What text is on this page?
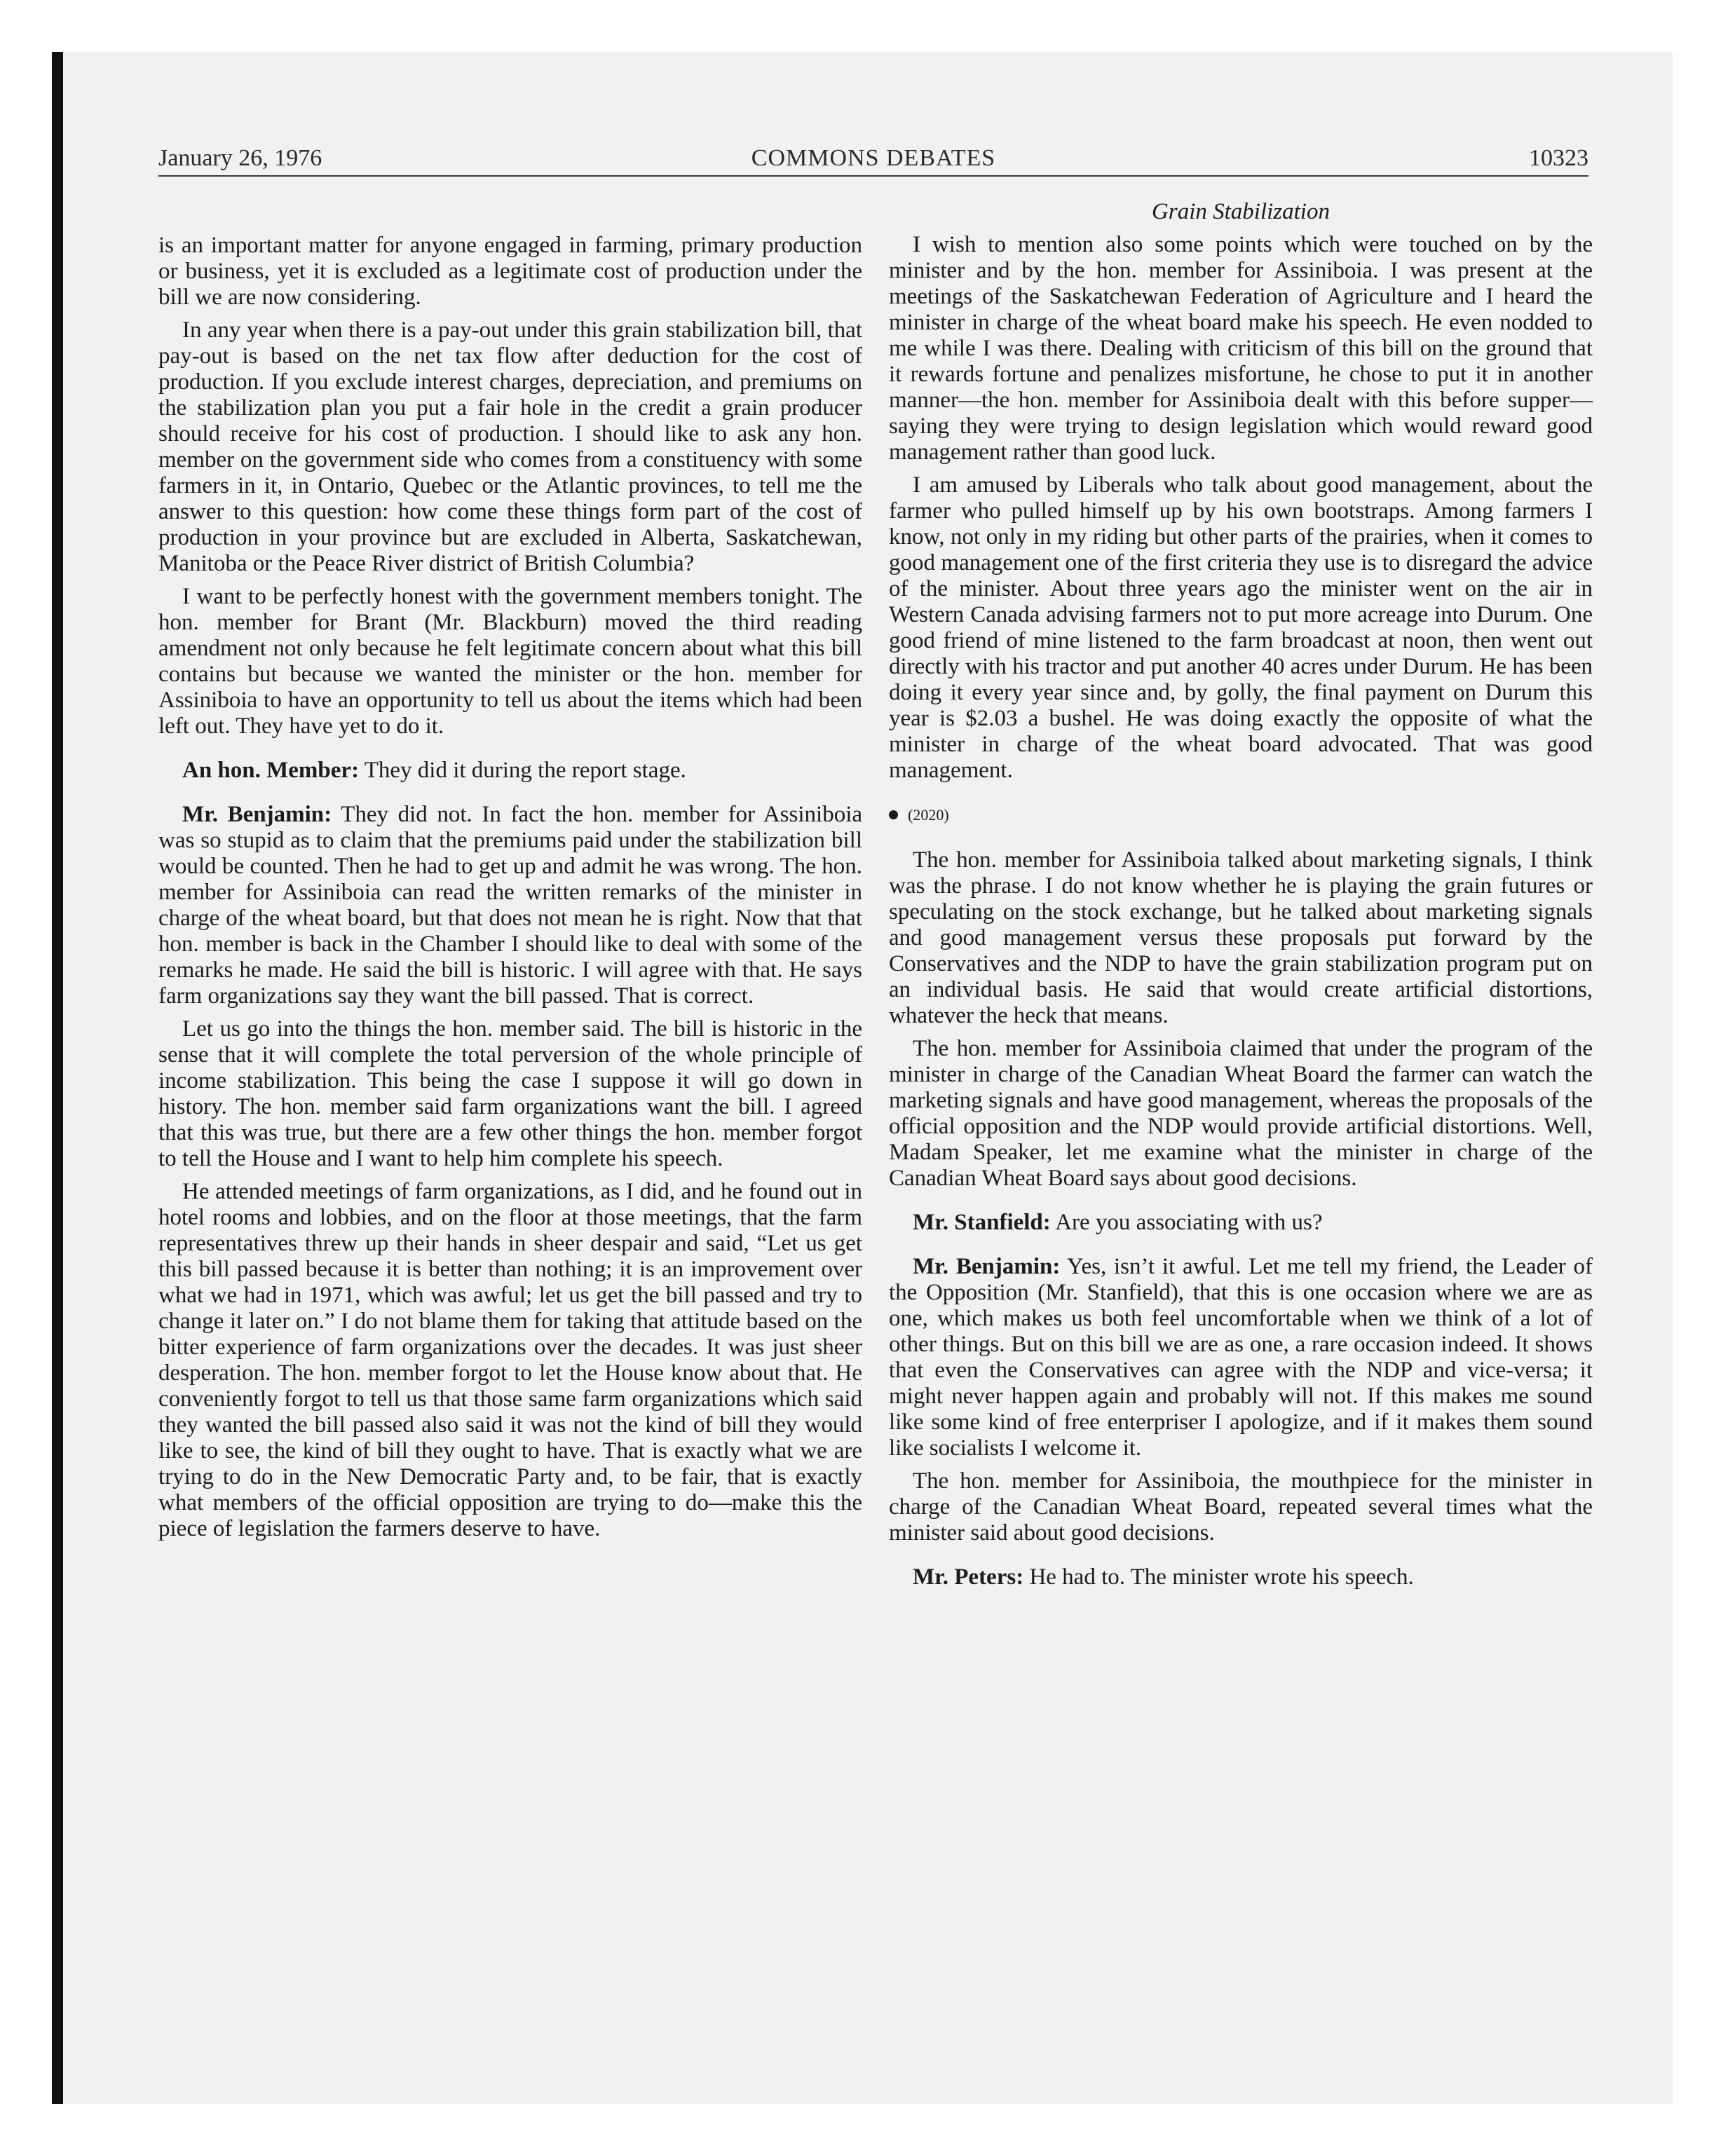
COMMONS DEBATES
January 26, 1976	10323

is an important matter for anyone engaged in farming, primary production or business, yet it is excluded as a legitimate cost of production under the bill we are now considering.

In any year when there is a pay-out under this grain stabilization bill, that pay-out is based on the net tax flow after deduction for the cost of production. If you exclude interest charges, depreciation, and premiums on the stabilization plan you put a fair hole in the credit a grain producer should receive for his cost of production. I should like to ask any hon. member on the government side who comes from a constituency with some farmers in it, in Ontario, Quebec or the Atlantic provinces, to tell me the answer to this question: how come these things form part of the cost of production in your province but are excluded in Alberta, Saskatchewan, Manitoba or the Peace River district of British Columbia?

I want to be perfectly honest with the government members tonight. The hon. member for Brant (Mr. Blackburn) moved the third reading amendment not only because he felt legitimate concern about what this bill contains but because we wanted the minister or the hon. member for Assiniboia to have an opportunity to tell us about the items which had been left out. They have yet to do it.

An hon. Member: They did it during the report stage.

Mr. Benjamin: They did not. In fact the hon. member for Assiniboia was so stupid as to claim that the premiums paid under the stabilization bill would be counted. Then he had to get up and admit he was wrong. The hon. member for Assiniboia can read the written remarks of the minister in charge of the wheat board, but that does not mean he is right. Now that that hon. member is back in the Chamber I should like to deal with some of the remarks he made. He said the bill is historic. I will agree with that. He says farm organizations say they want the bill passed. That is correct.

Let us go into the things the hon. member said. The bill is historic in the sense that it will complete the total perversion of the whole principle of income stabilization. This being the case I suppose it will go down in history. The hon. member said farm organizations want the bill. I agreed that this was true, but there are a few other things the hon. member forgot to tell the House and I want to help him complete his speech.

He attended meetings of farm organizations, as I did, and he found out in hotel rooms and lobbies, and on the floor at those meetings, that the farm representatives threw up their hands in sheer despair and said, “Let us get this bill passed because it is better than nothing; it is an improvement over what we had in 1971, which was awful; let us get the bill passed and try to change it later on.” I do not blame them for taking that attitude based on the bitter experience of farm organizations over the decades. It was just sheer desperation. The hon. member forgot to let the House know about that. He conveniently forgot to tell us that those same farm organizations which said they wanted the bill passed also said it was not the kind of bill they would like to see, the kind of bill they ought to have. That is exactly what we are trying to do in the New Democratic Party and, to be fair, that is exactly what members of the official opposition are trying to do—make this the piece of legislation the farmers deserve to have.

Grain Stabilization

I wish to mention also some points which were touched on by the minister and by the hon. member for Assiniboia. I was present at the meetings of the Saskatchewan Federation of Agriculture and I heard the minister in charge of the wheat board make his speech. He even nodded to me while I was there. Dealing with criticism of this bill on the ground that it rewards fortune and penalizes misfortune, he chose to put it in another manner—the hon. member for Assiniboia dealt with this before supper—saying they were trying to design legislation which would reward good management rather than good luck.

I am amused by Liberals who talk about good management, about the farmer who pulled himself up by his own bootstraps. Among farmers I know, not only in my riding but other parts of the prairies, when it comes to good management one of the first criteria they use is to disregard the advice of the minister. About three years ago the minister went on the air in Western Canada advising farmers not to put more acreage into Durum. One good friend of mine listened to the farm broadcast at noon, then went out directly with his tractor and put another 40 acres under Durum. He has been doing it every year since and, by golly, the final payment on Durum this year is $2.03 a bushel. He was doing exactly the opposite of what the minister in charge of the wheat board advocated. That was good management.

(2020)

The hon. member for Assiniboia talked about marketing signals, I think was the phrase. I do not know whether he is playing the grain futures or speculating on the stock exchange, but he talked about marketing signals and good management versus these proposals put forward by the Conservatives and the NDP to have the grain stabilization program put on an individual basis. He said that would create artificial distortions, whatever the heck that means.

The hon. member for Assiniboia claimed that under the program of the minister in charge of the Canadian Wheat Board the farmer can watch the marketing signals and have good management, whereas the proposals of the official opposition and the NDP would provide artificial distortions. Well, Madam Speaker, let me examine what the minister in charge of the Canadian Wheat Board says about good decisions.

Mr. Stanfield: Are you associating with us?

Mr. Benjamin: Yes, isn’t it awful. Let me tell my friend, the Leader of the Opposition (Mr. Stanfield), that this is one occasion where we are as one, which makes us both feel uncomfortable when we think of a lot of other things. But on this bill we are as one, a rare occasion indeed. It shows that even the Conservatives can agree with the NDP and vice-versa; it might never happen again and probably will not. If this makes me sound like some kind of free enterpriser I apologize, and if it makes them sound like socialists I welcome it.

The hon. member for Assiniboia, the mouthpiece for the minister in charge of the Canadian Wheat Board, repeated several times what the minister said about good decisions.

Mr. Peters: He had to. The minister wrote his speech.
